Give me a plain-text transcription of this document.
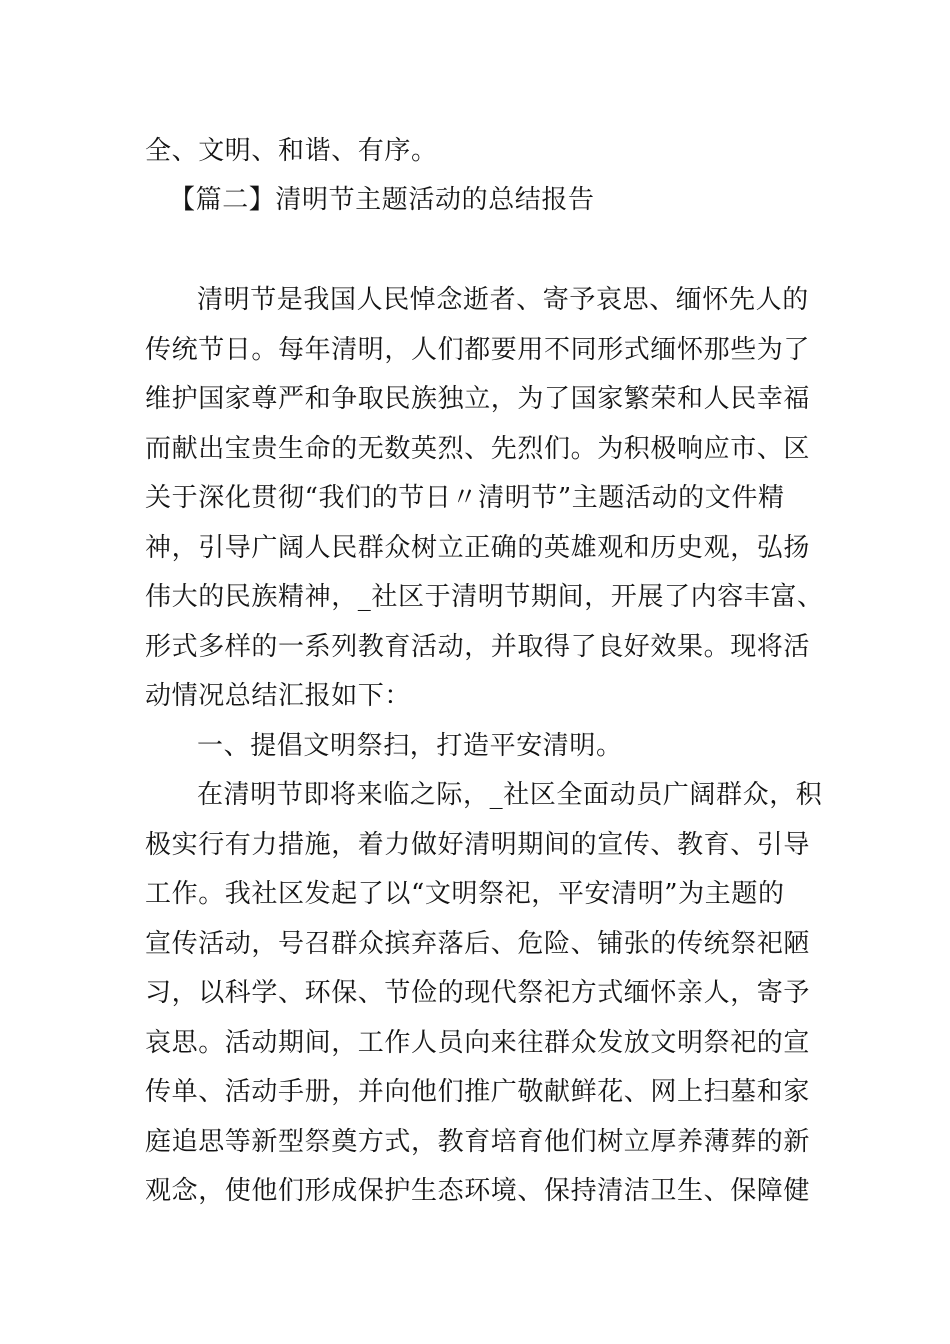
全、文明、和谐、有序。
【篇二】清明节主题活动的总结报告
清明节是我国人民悼念逝者、寄予哀思、缅怀先人的
传统节日。每年清明，人们都要用不同形式缅怀那些为了
维护国家尊严和争取民族独立，为了国家繁荣和人民幸福
而献出宝贵生命的无数英烈、先烈们。为积极响应市、区
关于深化贯彻“我们的节日〃清明节”主题活动的文件精
神，引导广阔人民群众树立正确的英雄观和历史观，弘扬
伟大的民族精神，_社区于清明节期间，开展了内容丰富、
形式多样的一系列教育活动，并取得了良好效果。现将活
动情况总结汇报如下：
一、提倡文明祭扫，打造平安清明。
在清明节即将来临之际，_社区全面动员广阔群众，积
极实行有力措施，着力做好清明期间的宣传、教育、引导
工作。我社区发起了以“文明祭祀，平安清明”为主题的
宣传活动，号召群众摈弃落后、危险、铺张的传统祭祀陋
习，以科学、环保、节俭的现代祭祀方式缅怀亲人，寄予
哀思。活动期间，工作人员向来往群众发放文明祭祀的宣
传单、活动手册，并向他们推广敬献鲜花、网上扫墓和家
庭追思等新型祭奠方式，教育培育他们树立厚养薄葬的新
观念，使他们形成保护生态环境、保持清洁卫生、保障健
